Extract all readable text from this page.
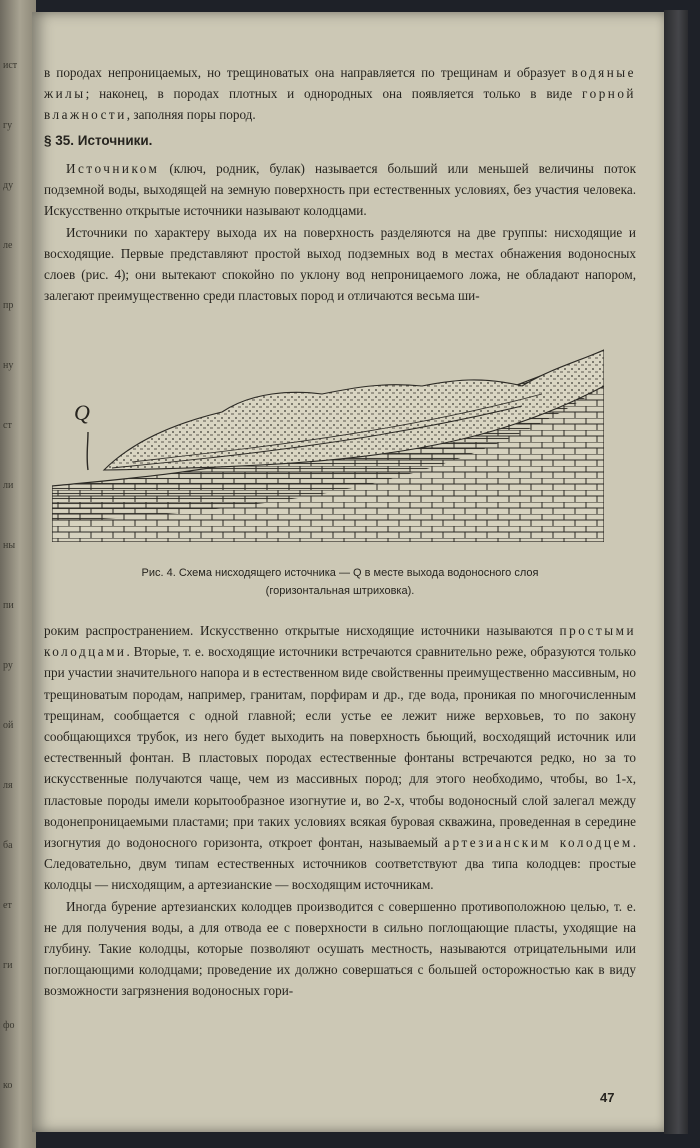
ист
гу
ду
ле
пр
ну
ст
ли
ны
пи
ру
ой
ля
ба
ет
ги
фо
ко

в породах непроницаемых, но трещиноватых она направляется по трещинам и образует водяные жилы; наконец, в породах плотных и однородных она появляется только в виде горной влажности, заполняя поры пород.

§ 35. Источники.

Источником (ключ, родник, булак) называется больший или меньшей величины поток подземной воды, выходящей на земную поверхность при естественных условиях, без участия человека. Искусственно открытые источники называют колодцами.

Источники по характеру выхода их на поверхность разделяются на две группы: нисходящие и восходящие. Первые представляют простой выход подземных вод в местах обнажения водоносных слоев (рис. 4); они вытекают спокойно по уклону вод непроницаемого ложа, не обладают напором, залегают преимущественно среди пластовых пород и отличаются весьма ши-

Q
Рис. 4. Схема нисходящего источника — Q в месте выхода водоносного слоя
(горизонтальная штриховка).

роким распространением. Искусственно открытые нисходящие источники называются простыми колодцами. Вторые, т. е. восходящие источники встречаются сравнительно реже, образуются только при участии значительного напора и в естественном виде свойственны преимущественно массивным, но трещиноватым породам, например, гранитам, порфирам и др., где вода, проникая по многочисленным трещинам, сообщается с одной главной; если устье ее лежит ниже верховьев, то по закону сообщающихся трубок, из него будет выходить на поверхность бьющий, восходящий источник или естественный фонтан. В пластовых породах естественные фонтаны встречаются редко, но за то искусственные получаются чаще, чем из массивных пород; для этого необходимо, чтобы, во 1-х, пластовые породы имели корытообразное изогнутие и, во 2-х, чтобы водоносный слой залегал между водонепроницаемыми пластами; при таких условиях всякая буровая скважина, проведенная в середине изогнутия до водоносного горизонта, откроет фонтан, называемый артезианским колодцем. Следовательно, двум типам естественных источников соответствуют два типа колодцев: простые колодцы — нисходящим, а артезианские — восходящим источникам.

Иногда бурение артезианских колодцев производится с совершенно противоположною целью, т. е. не для получения воды, а для отвода ее с поверхности в сильно поглощающие пласты, уходящие на глубину. Такие колодцы, которые позволяют осушать местность, называются отрицательными или поглощающими колодцами; проведение их должно совершаться с большей осторожностью как в виду возможности загрязнения водоносных гори-

47
